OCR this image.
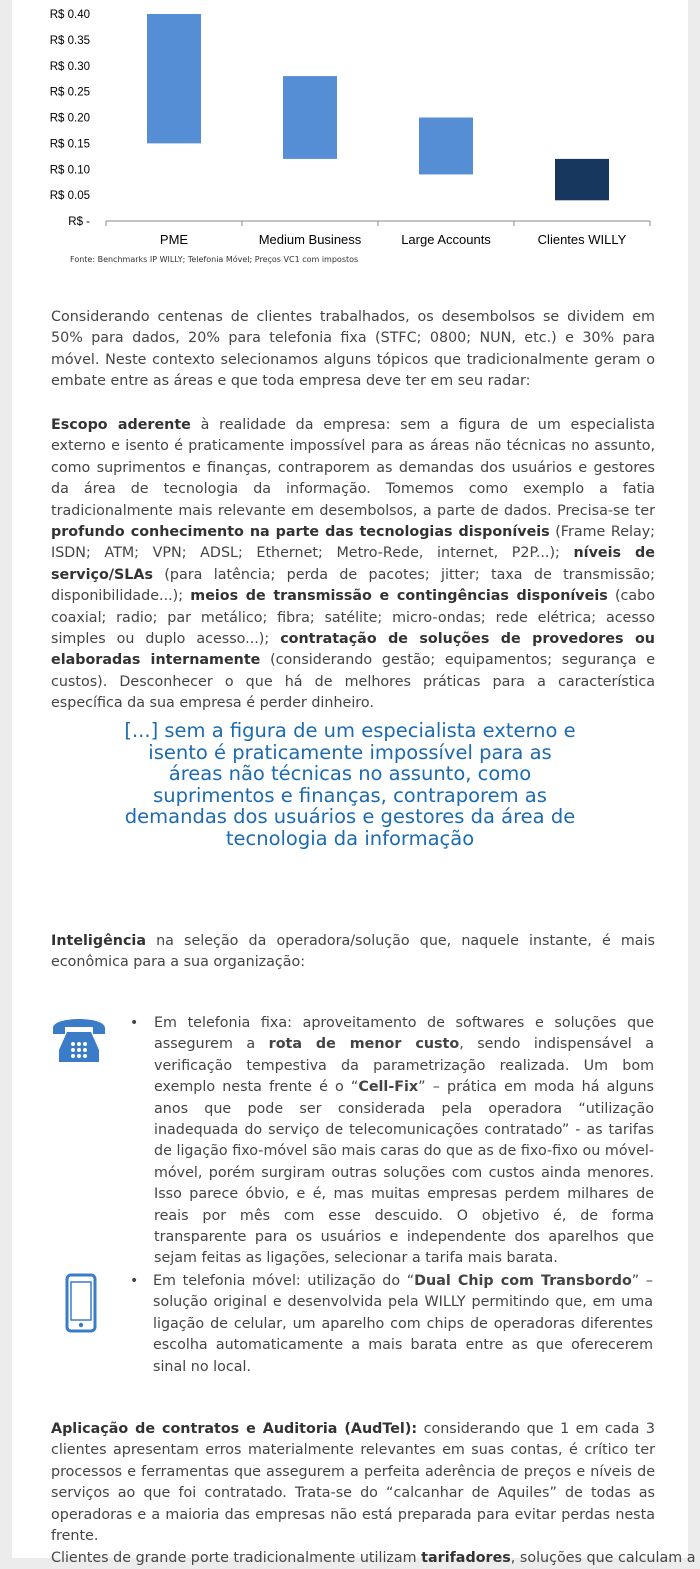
R$ 0.40
R$ 0.35
R$ 0.30
R$ 0.25
R$ 0.20
R$ 0.15
R$ 0.10
R$ 0.05
R$ -
PME	Medium Business	Large Accounts	Clientes WILLY
Fonte: Benchmarks IP WILLY; Telefonia Móvel; Preços VC1 com impostos

Considerando centenas de clientes trabalhados, os desembolsos se dividem em 50% para dados, 20% para telefonia fixa (STFC; 0800; NUN, etc.) e 30% para móvel. Neste contexto selecionamos alguns tópicos que tradicionalmente geram o embate entre as áreas e que toda empresa deve ter em seu radar:

Escopo aderente à realidade da empresa: sem a figura de um especialista externo e isento é praticamente impossível para as áreas não técnicas no assunto, como suprimentos e finanças, contraporem as demandas dos usuários e gestores da área de tecnologia da informação. Tomemos como exemplo a fatia tradicionalmente mais relevante em desembolsos, a parte de dados. Precisa-se ter profundo conhecimento na parte das tecnologias disponíveis (Frame Relay; ISDN; ATM; VPN; ADSL; Ethernet; Metro-Rede, internet, P2P...); níveis de serviço/SLAs (para latência; perda de pacotes; jitter; taxa de transmissão; disponibilidade...); meios de transmissão e contingências disponíveis (cabo coaxial; radio; par metálico; fibra; satélite; micro-ondas; rede elétrica; acesso simples ou duplo acesso...); contratação de soluções de provedores ou elaboradas internamente (considerando gestão; equipamentos; segurança e custos). Desconhecer o que há de melhores práticas para a característica específica da sua empresa é perder dinheiro.

[...] sem a figura de um especialista externo e isento é praticamente impossível para as áreas não técnicas no assunto, como suprimentos e finanças, contraporem as demandas dos usuários e gestores da área de tecnologia da informação

Inteligência na seleção da operadora/solução que, naquele instante, é mais econômica para a sua organização:

• Em telefonia fixa: aproveitamento de softwares e soluções que assegurem a rota de menor custo, sendo indispensável a verificação tempestiva da parametrização realizada. Um bom exemplo nesta frente é o “Cell-Fix” – prática em moda há alguns anos que pode ser considerada pela operadora “utilização inadequada do serviço de telecomunicações contratado” - as tarifas de ligação fixo-móvel são mais caras do que as de fixo-fixo ou móvel-móvel, porém surgiram outras soluções com custos ainda menores. Isso parece óbvio, e é, mas muitas empresas perdem milhares de reais por mês com esse descuido. O objetivo é, de forma transparente para os usuários e independente dos aparelhos que sejam feitas as ligações, selecionar a tarifa mais barata.

• Em telefonia móvel: utilização do “Dual Chip com Transbordo” – solução original e desenvolvida pela WILLY permitindo que, em uma ligação de celular, um aparelho com chips de operadoras diferentes escolha automaticamente a mais barata entre as que oferecerem sinal no local.

Aplicação de contratos e Auditoria (AudTel): considerando que 1 em cada 3 clientes apresentam erros materialmente relevantes em suas contas, é crítico ter processos e ferramentas que assegurem a perfeita aderência de preços e níveis de serviços ao que foi contratado. Trata-se do “calcanhar de Aquiles” de todas as operadoras e a maioria das empresas não está preparada para evitar perdas nesta frente.

Clientes de grande porte tradicionalmente utilizam tarifadores, soluções que calculam a
